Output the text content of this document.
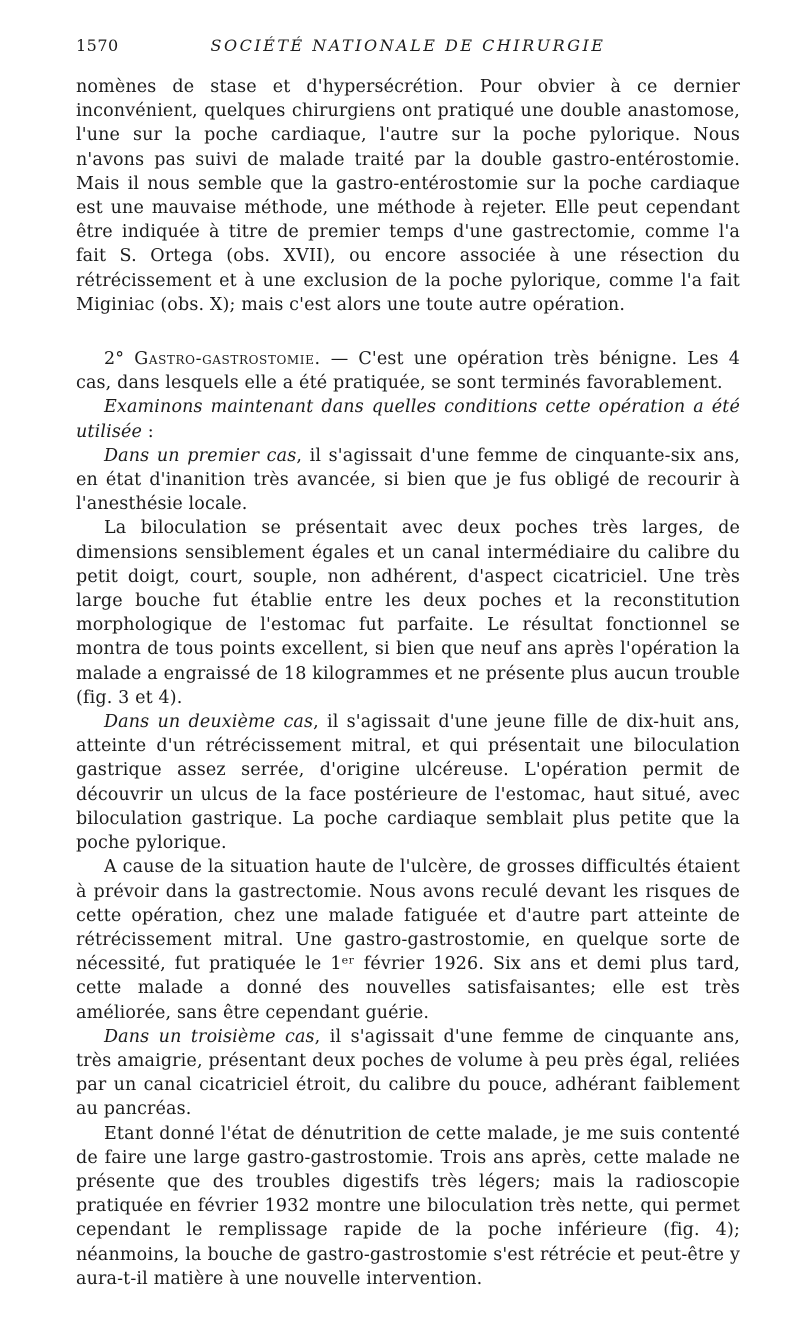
1570	SOCIÉTÉ NATIONALE DE CHIRURGIE

nomènes de stase et d'hypersécrétion. Pour obvier à ce dernier inconvénient, quelques chirurgiens ont pratiqué une double anastomose, l'une sur la poche cardiaque, l'autre sur la poche pylorique. Nous n'avons pas suivi de malade traité par la double gastro-entérostomie. Mais il nous semble que la gastro-entérostomie sur la poche cardiaque est une mauvaise méthode, une méthode à rejeter. Elle peut cependant être indiquée à titre de premier temps d'une gastrectomie, comme l'a fait S. Ortega (obs. XVII), ou encore associée à une résection du rétrécissement et à une exclusion de la poche pylorique, comme l'a fait Miginiac (obs. X); mais c'est alors une toute autre opération.

2° Gastro-gastrostomie. — C'est une opération très bénigne. Les 4 cas, dans lesquels elle a été pratiquée, se sont terminés favorablement.

Examinons maintenant dans quelles conditions cette opération a été utilisée :

Dans un premier cas, il s'agissait d'une femme de cinquante-six ans, en état d'inanition très avancée, si bien que je fus obligé de recourir à l'anesthésie locale.

La biloculation se présentait avec deux poches très larges, de dimensions sensiblement égales et un canal intermédiaire du calibre du petit doigt, court, souple, non adhérent, d'aspect cicatriciel. Une très large bouche fut établie entre les deux poches et la reconstitution morphologique de l'estomac fut parfaite. Le résultat fonctionnel se montra de tous points excellent, si bien que neuf ans après l'opération la malade a engraissé de 18 kilogrammes et ne présente plus aucun trouble (fig. 3 et 4).

Dans un deuxième cas, il s'agissait d'une jeune fille de dix-huit ans, atteinte d'un rétrécissement mitral, et qui présentait une biloculation gastrique assez serrée, d'origine ulcéreuse. L'opération permit de découvrir un ulcus de la face postérieure de l'estomac, haut situé, avec biloculation gastrique. La poche cardiaque semblait plus petite que la poche pylorique.

A cause de la situation haute de l'ulcère, de grosses difficultés étaient à prévoir dans la gastrectomie. Nous avons reculé devant les risques de cette opération, chez une malade fatiguée et d'autre part atteinte de rétrécissement mitral. Une gastro-gastrostomie, en quelque sorte de nécessité, fut pratiquée le 1ᵉʳ février 1926. Six ans et demi plus tard, cette malade a donné des nouvelles satisfaisantes; elle est très améliorée, sans être cependant guérie.

Dans un troisième cas, il s'agissait d'une femme de cinquante ans, très amaigrie, présentant deux poches de volume à peu près égal, reliées par un canal cicatriciel étroit, du calibre du pouce, adhérant faiblement au pancréas.

Etant donné l'état de dénutrition de cette malade, je me suis contenté de faire une large gastro-gastrostomie. Trois ans après, cette malade ne présente que des troubles digestifs très légers; mais la radioscopie pratiquée en février 1932 montre une biloculation très nette, qui permet cependant le remplissage rapide de la poche inférieure (fig. 4); néanmoins, la bouche de gastro-gastrostomie s'est rétrécie et peut-être y aura-t-il matière à une nouvelle intervention.
